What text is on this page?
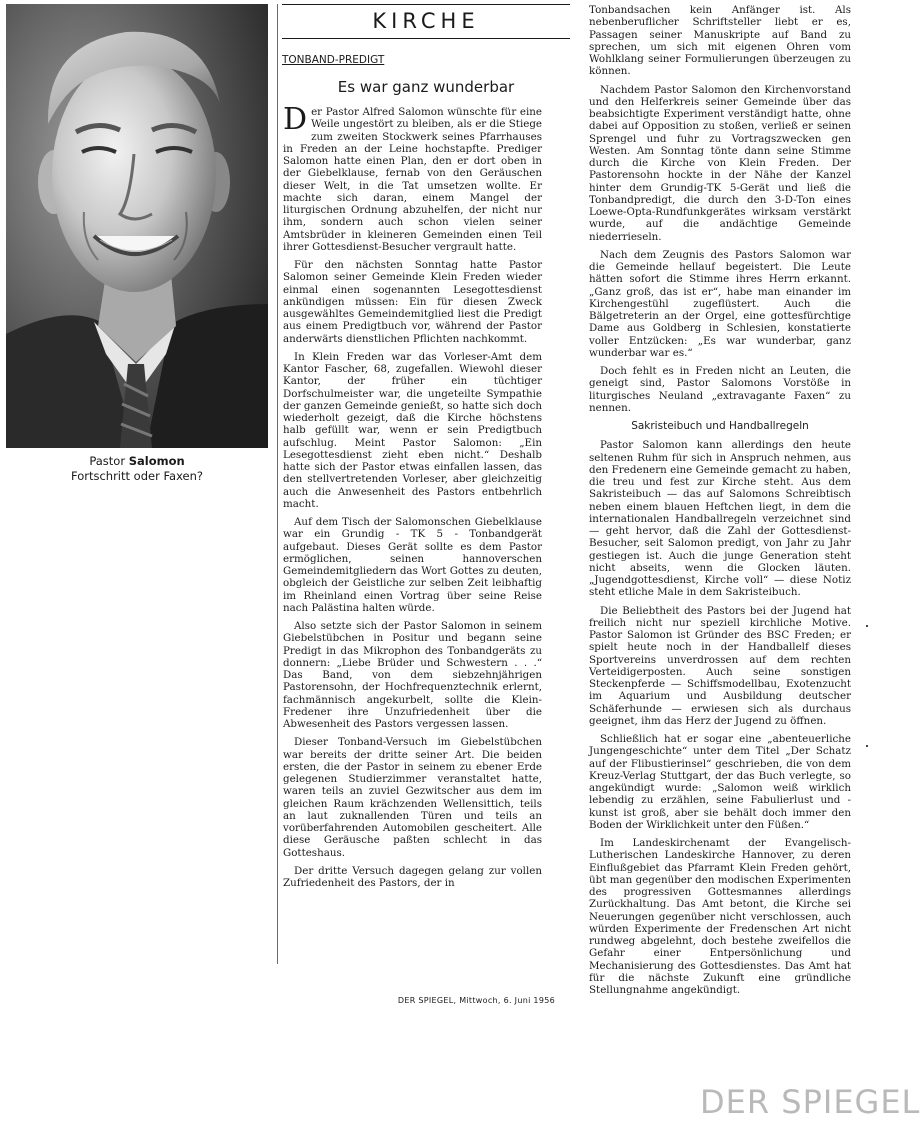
Pastor Salomon
Fortschritt oder Faxen?
KIRCHE
TONBAND-PREDIGT
Es war ganz wunderbar

Der Pastor Alfred Salomon wünschte für eine Weile ungestört zu bleiben, als er die Stiege zum zweiten Stockwerk seines Pfarrhauses in Freden an der Leine hochstapfte. Prediger Salomon hatte einen Plan, den er dort oben in der Giebelklause, fernab von den Geräuschen dieser Welt, in die Tat umsetzen wollte. Er machte sich daran, einem Mangel der liturgischen Ordnung abzuhelfen, der nicht nur ihm, sondern auch schon vielen seiner Amtsbrüder in kleineren Gemeinden einen Teil ihrer Gottesdienst-Besucher vergrault hatte.

Für den nächsten Sonntag hatte Pastor Salomon seiner Gemeinde Klein Freden wieder einmal einen sogenannten Lesegottesdienst ankündigen müssen: Ein für diesen Zweck ausgewähltes Gemeindemitglied liest die Predigt aus einem Predigtbuch vor, während der Pastor anderwärts dienstlichen Pflichten nachkommt.

In Klein Freden war das Vorleser-Amt dem Kantor Fascher, 68, zugefallen. Wiewohl dieser Kantor, der früher ein tüchtiger Dorfschulmeister war, die ungeteilte Sympathie der ganzen Gemeinde genießt, so hatte sich doch wiederholt gezeigt, daß die Kirche höchstens halb gefüllt war, wenn er sein Predigtbuch aufschlug. Meint Pastor Salomon: „Ein Lesegottesdienst zieht eben nicht.“ Deshalb hatte sich der Pastor etwas einfallen lassen, das den stellvertretenden Vorleser, aber gleichzeitig auch die Anwesenheit des Pastors entbehrlich macht.

Auf dem Tisch der Salomonschen Giebelklause war ein Grundig - TK 5 - Tonbandgerät aufgebaut. Dieses Gerät sollte es dem Pastor ermöglichen, seinen hannoverschen Gemeindemitgliedern das Wort Gottes zu deuten, obgleich der Geistliche zur selben Zeit leibhaftig im Rheinland einen Vortrag über seine Reise nach Palästina halten würde.

Also setzte sich der Pastor Salomon in seinem Giebelstübchen in Positur und begann seine Predigt in das Mikrophon des Tonbandgeräts zu donnern: „Liebe Brüder und Schwestern . . .“ Das Band, von dem siebzehnjährigen Pastorensohn, der Hochfrequenztechnik erlernt, fachmännisch angekurbelt, sollte die Klein-Fredener ihre Unzufriedenheit über die Abwesenheit des Pastors vergessen lassen.

Dieser Tonband-Versuch im Giebelstübchen war bereits der dritte seiner Art. Die beiden ersten, die der Pastor in seinem zu ebener Erde gelegenen Studierzimmer veranstaltet hatte, waren teils an zuviel Gezwitscher aus dem im gleichen Raum krächzenden Wellensittich, teils an laut zuknallenden Türen und teils an vorüberfahrenden Automobilen gescheitert. Alle diese Geräusche paßten schlecht in das Gotteshaus.

Der dritte Versuch dagegen gelang zur vollen Zufriedenheit des Pastors, der in

Tonbandsachen kein Anfänger ist. Als nebenberuflicher Schriftsteller liebt er es, Passagen seiner Manuskripte auf Band zu sprechen, um sich mit eigenen Ohren vom Wohlklang seiner Formulierungen überzeugen zu können.

Nachdem Pastor Salomon den Kirchenvorstand und den Helferkreis seiner Gemeinde über das beabsichtigte Experiment verständigt hatte, ohne dabei auf Opposition zu stoßen, verließ er seinen Sprengel und fuhr zu Vortragszwecken gen Westen. Am Sonntag tönte dann seine Stimme durch die Kirche von Klein Freden. Der Pastorensohn hockte in der Nähe der Kanzel hinter dem Grundig-TK 5-Gerät und ließ die Tonbandpredigt, die durch den 3-D-Ton eines Loewe-Opta-Rundfunkgerätes wirksam verstärkt wurde, auf die andächtige Gemeinde niederrieseln.

Nach dem Zeugnis des Pastors Salomon war die Gemeinde hellauf begeistert. Die Leute hätten sofort die Stimme ihres Herrn erkannt. „Ganz groß, das ist er“, habe man einander im Kirchengestühl zugeflüstert. Auch die Bälgetreterin an der Orgel, eine gottesfürchtige Dame aus Goldberg in Schlesien, konstatierte voller Entzücken: „Es war wunderbar, ganz wunderbar war es.“

Doch fehlt es in Freden nicht an Leuten, die geneigt sind, Pastor Salomons Vorstöße in liturgisches Neuland „extravagante Faxen“ zu nennen.

Sakristeibuch und Handballregeln

Pastor Salomon kann allerdings den heute seltenen Ruhm für sich in Anspruch nehmen, aus den Fredenern eine Gemeinde gemacht zu haben, die treu und fest zur Kirche steht. Aus dem Sakristeibuch — das auf Salomons Schreibtisch neben einem blauen Heftchen liegt, in dem die internationalen Handballregeln verzeichnet sind — geht hervor, daß die Zahl der Gottesdienst-Besucher, seit Salomon predigt, von Jahr zu Jahr gestiegen ist. Auch die junge Generation steht nicht abseits, wenn die Glocken läuten. „Jugendgottesdienst, Kirche voll“ — diese Notiz steht etliche Male in dem Sakristeibuch.

Die Beliebtheit des Pastors bei der Jugend hat freilich nicht nur speziell kirchliche Motive. Pastor Salomon ist Gründer des BSC Freden; er spielt heute noch in der Handballelf dieses Sportvereins unverdrossen auf dem rechten Verteidigerposten. Auch seine sonstigen Steckenpferde — Schiffsmodellbau, Exotenzucht im Aquarium und Ausbildung deutscher Schäferhunde — erwiesen sich als durchaus geeignet, ihm das Herz der Jugend zu öffnen.

Schließlich hat er sogar eine „abenteuerliche Jungengeschichte“ unter dem Titel „Der Schatz auf der Flibustierinsel“ geschrieben, die von dem Kreuz-Verlag Stuttgart, der das Buch verlegte, so angekündigt wurde: „Salomon weiß wirklich lebendig zu erzählen, seine Fabulierlust und -kunst ist groß, aber sie behält doch immer den Boden der Wirklichkeit unter den Füßen.“

Im Landeskirchenamt der Evangelisch-Lutherischen Landeskirche Hannover, zu deren Einflußgebiet das Pfarramt Klein Freden gehört, übt man gegenüber den modischen Experimenten des progressiven Gottesmannes allerdings Zurückhaltung. Das Amt betont, die Kirche sei Neuerungen gegenüber nicht verschlossen, auch würden Experimente der Fredenschen Art nicht rundweg abgelehnt, doch bestehe zweifellos die Gefahr einer Entpersönlichung und Mechanisierung des Gottesdienstes. Das Amt hat für die nächste Zukunft eine gründliche Stellungnahme angekündigt.

DER SPIEGEL, Mittwoch, 6. Juni 1956
DER SPIEGEL
